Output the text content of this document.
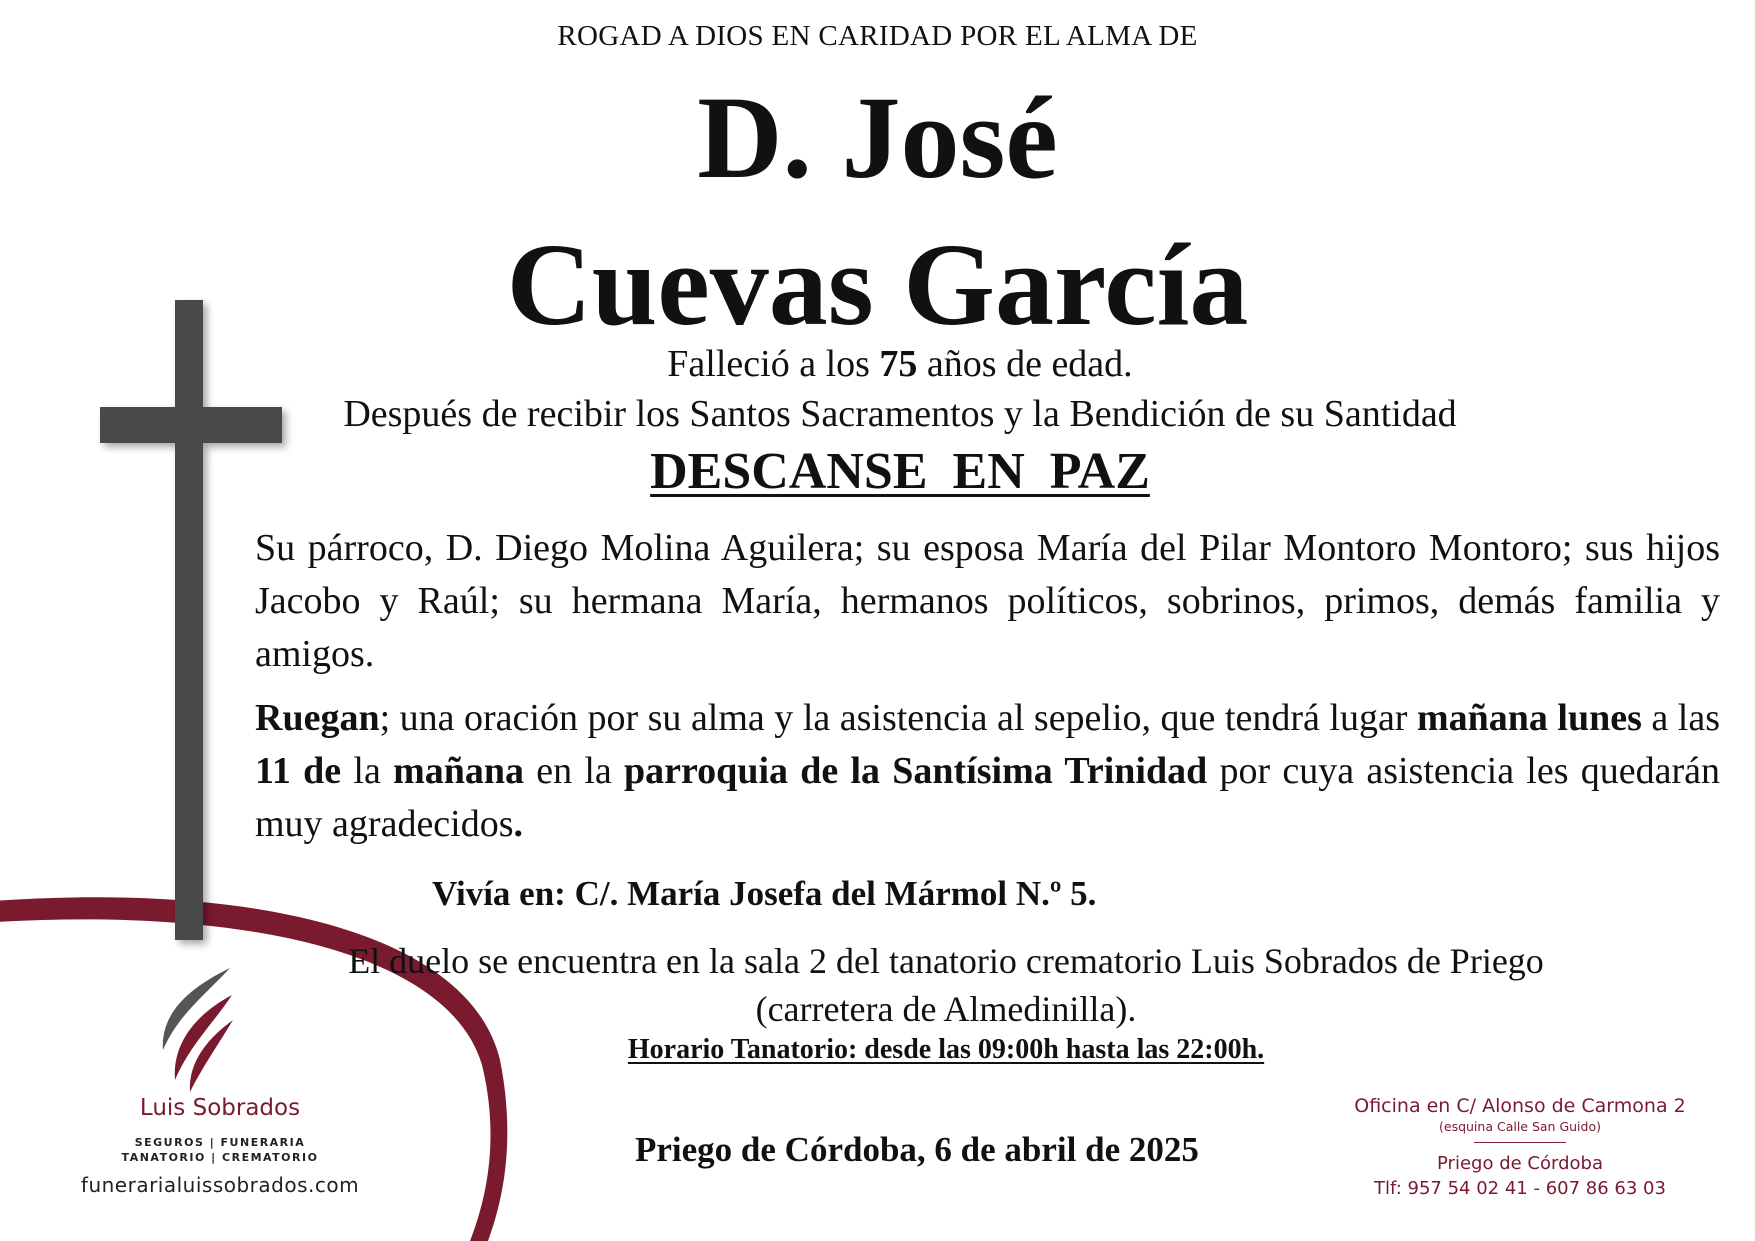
ROGAD A DIOS EN CARIDAD POR EL ALMA DE
D. José
Cuevas García
Falleció a los 75 años de edad.
Después de recibir los Santos Sacramentos y la Bendición de su Santidad
DESCANSE EN PAZ
Su párroco, D. Diego Molina Aguilera; su esposa María del Pilar Montoro Montoro; sus hijos Jacobo y Raúl; su hermana María, hermanos políticos, sobrinos, primos, demás familia y amigos.
Ruegan; una oración por su alma y la asistencia al sepelio, que tendrá lugar mañana lunes a las 11 de la mañana en la parroquia de la Santísima Trinidad por cuya asistencia les quedarán muy agradecidos.
Vivía en: C/. María Josefa del Mármol N.º 5.
El duelo se encuentra en la sala 2 del tanatorio crematorio Luis Sobrados de Priego
(carretera de Almedinilla).
Horario Tanatorio: desde las 09:00h hasta las 22:00h.
Priego de Córdoba, 6 de abril de 2025
Luis Sobrados
SEGUROS | FUNERARIA
TANATORIO | CREMATORIO
funerarialuissobrados.com
Oficina en C/ Alonso de Carmona 2
(esquina Calle San Guido)
Priego de Córdoba
Tlf: 957 54 02 41 - 607 86 63 03
